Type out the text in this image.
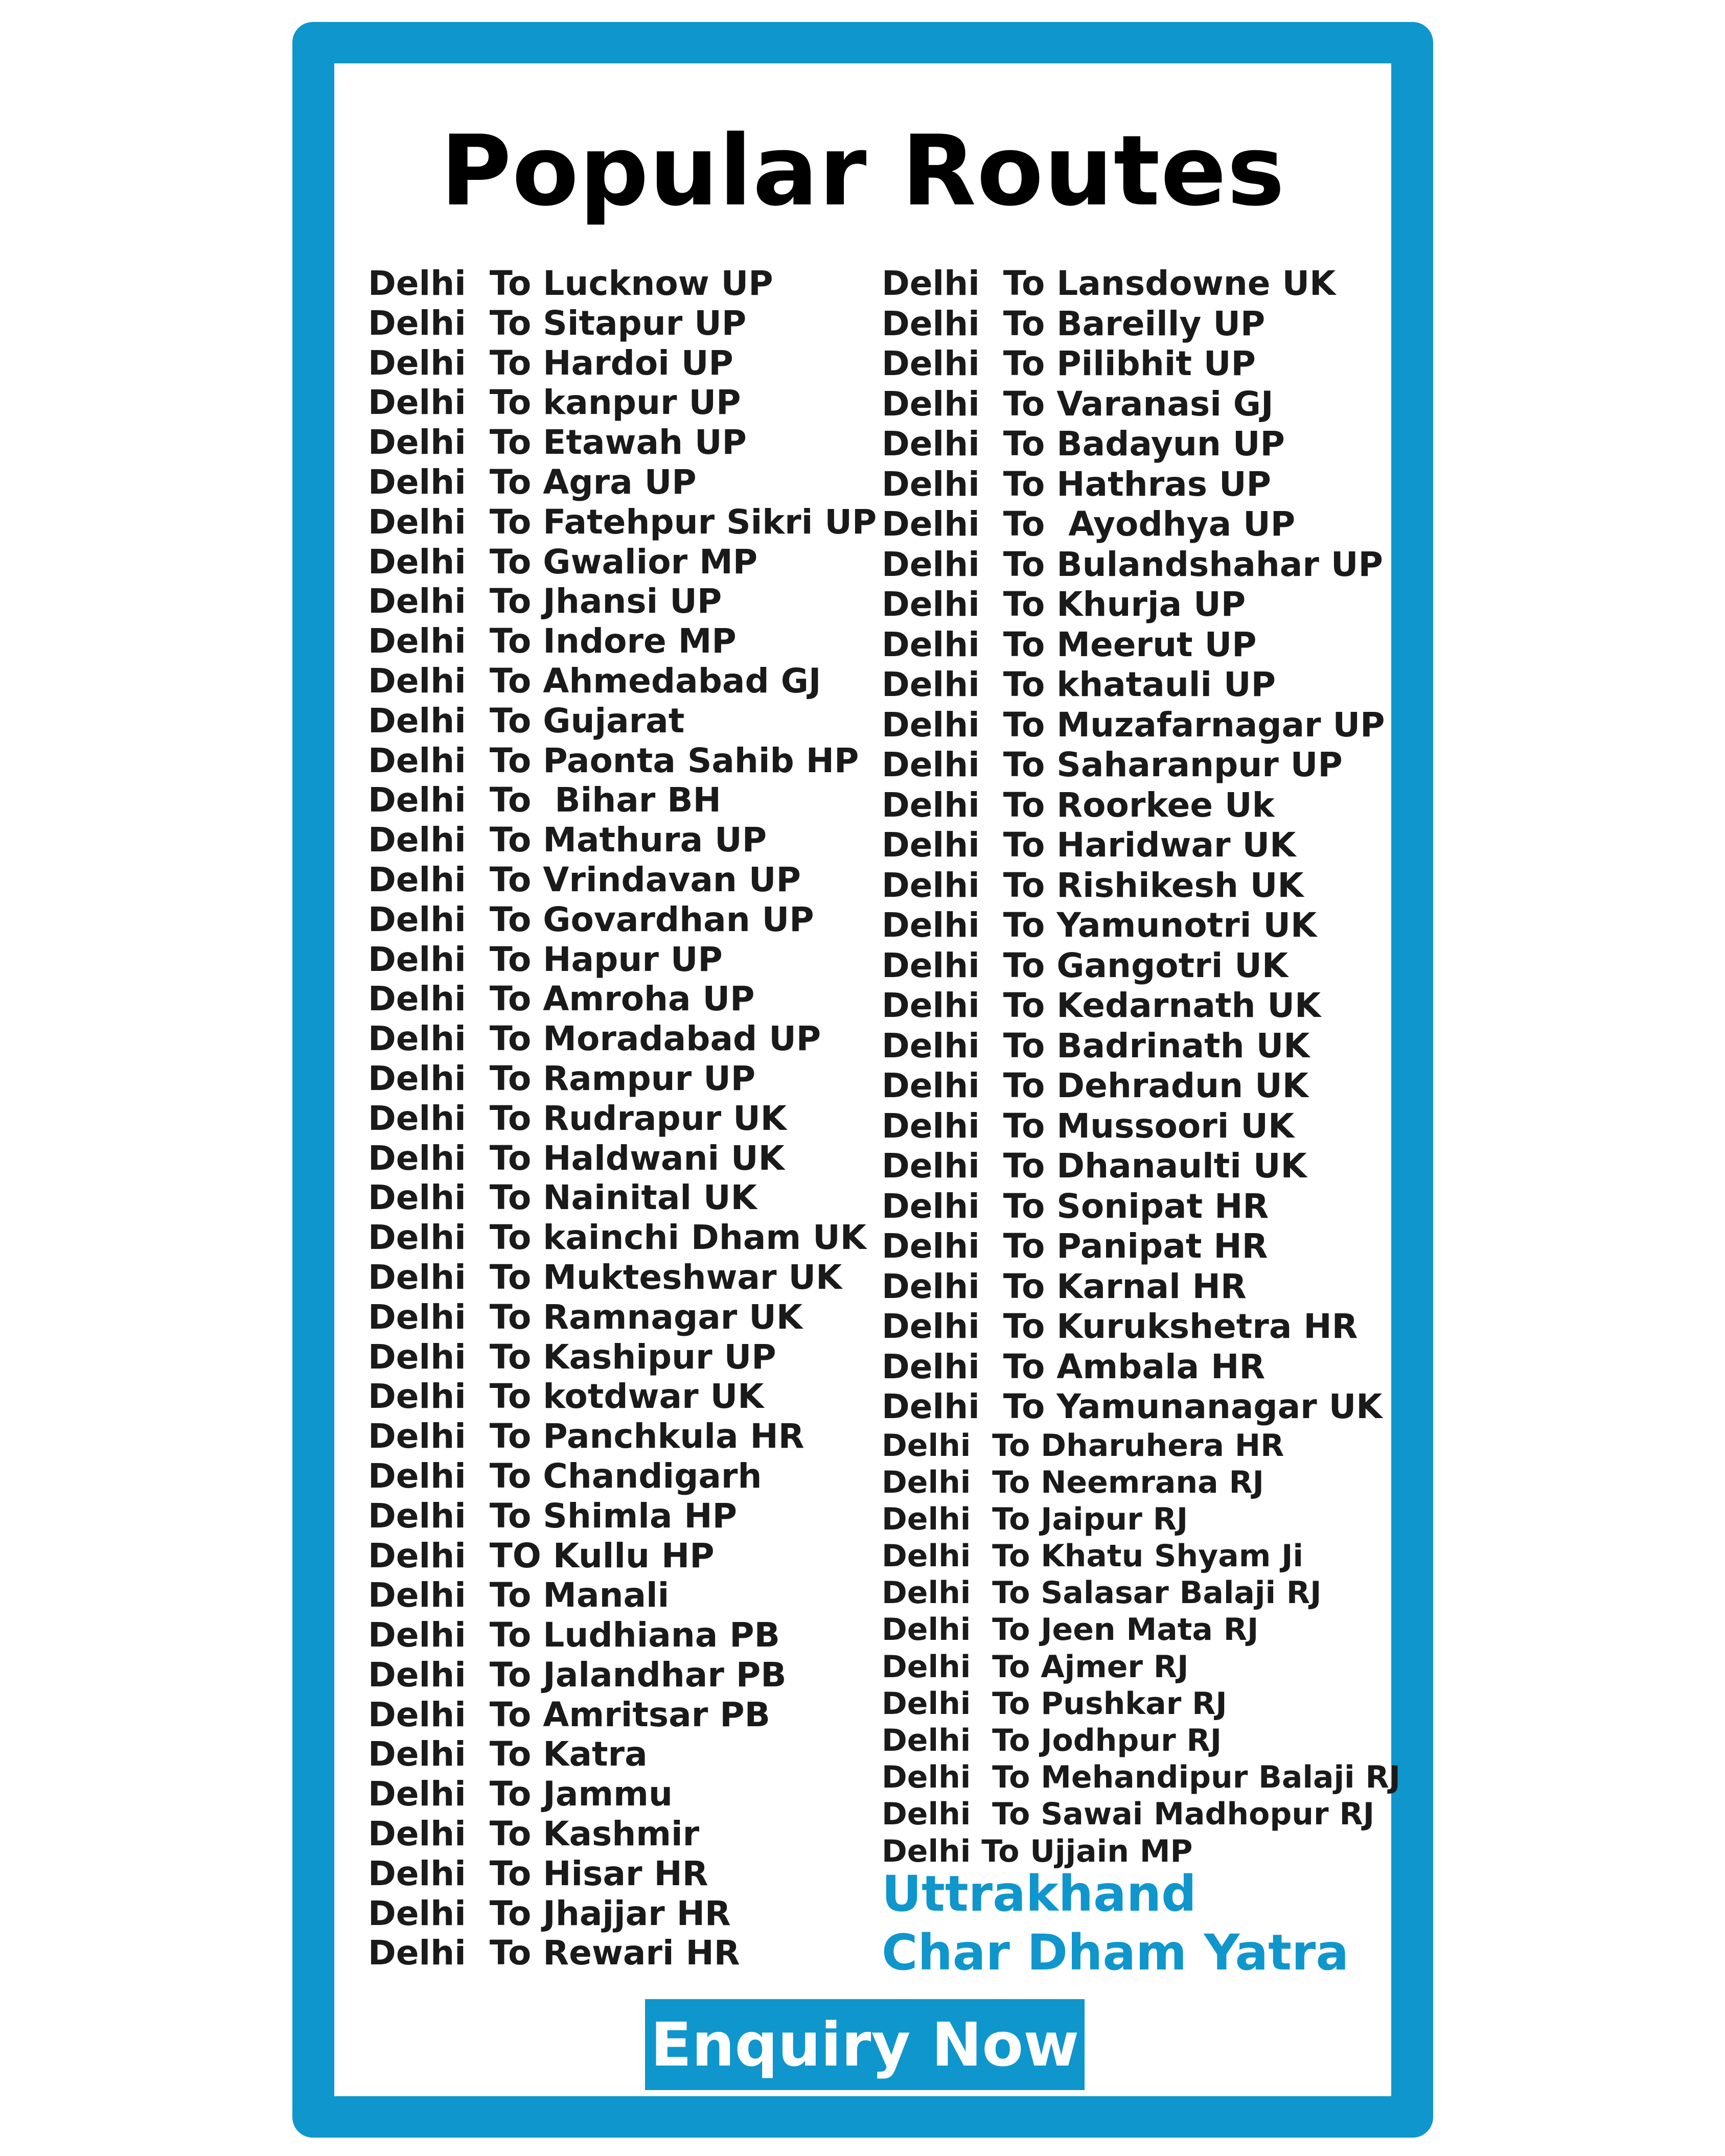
Popular Routes
Delhi  To Lucknow UP
Delhi  To Sitapur UP
Delhi  To Hardoi UP
Delhi  To kanpur UP
Delhi  To Etawah UP
Delhi  To Agra UP
Delhi  To Fatehpur Sikri UP
Delhi  To Gwalior MP
Delhi  To Jhansi UP
Delhi  To Indore MP
Delhi  To Ahmedabad GJ
Delhi  To Gujarat
Delhi  To Paonta Sahib HP
Delhi  To  Bihar BH
Delhi  To Mathura UP
Delhi  To Vrindavan UP
Delhi  To Govardhan UP
Delhi  To Hapur UP
Delhi  To Amroha UP
Delhi  To Moradabad UP
Delhi  To Rampur UP
Delhi  To Rudrapur UK
Delhi  To Haldwani UK
Delhi  To Nainital UK
Delhi  To kainchi Dham UK
Delhi  To Mukteshwar UK
Delhi  To Ramnagar UK
Delhi  To Kashipur UP
Delhi  To kotdwar UK
Delhi  To Panchkula HR
Delhi  To Chandigarh
Delhi  To Shimla HP
Delhi  TO Kullu HP
Delhi  To Manali
Delhi  To Ludhiana PB
Delhi  To Jalandhar PB
Delhi  To Amritsar PB
Delhi  To Katra
Delhi  To Jammu
Delhi  To Kashmir
Delhi  To Hisar HR
Delhi  To Jhajjar HR
Delhi  To Rewari HR
Delhi  To Lansdowne UK
Delhi  To Bareilly UP
Delhi  To Pilibhit UP
Delhi  To Varanasi GJ
Delhi  To Badayun UP
Delhi  To Hathras UP
Delhi  To  Ayodhya UP
Delhi  To Bulandshahar UP
Delhi  To Khurja UP
Delhi  To Meerut UP
Delhi  To khatauli UP
Delhi  To Muzafarnagar UP
Delhi  To Saharanpur UP
Delhi  To Roorkee Uk
Delhi  To Haridwar UK
Delhi  To Rishikesh UK
Delhi  To Yamunotri UK
Delhi  To Gangotri UK
Delhi  To Kedarnath UK
Delhi  To Badrinath UK
Delhi  To Dehradun UK
Delhi  To Mussoori UK
Delhi  To Dhanaulti UK
Delhi  To Sonipat HR
Delhi  To Panipat HR
Delhi  To Karnal HR
Delhi  To Kurukshetra HR
Delhi  To Ambala HR
Delhi  To Yamunanagar UK
Delhi  To Dharuhera HR
Delhi  To Neemrana RJ
Delhi  To Jaipur RJ
Delhi  To Khatu Shyam Ji
Delhi  To Salasar Balaji RJ
Delhi  To Jeen Mata RJ
Delhi  To Ajmer RJ
Delhi  To Pushkar RJ
Delhi  To Jodhpur RJ
Delhi  To Mehandipur Balaji RJ
Delhi  To Sawai Madhopur RJ
Delhi To Ujjain MP
Uttrakhand
Char Dham Yatra
Enquiry Now
